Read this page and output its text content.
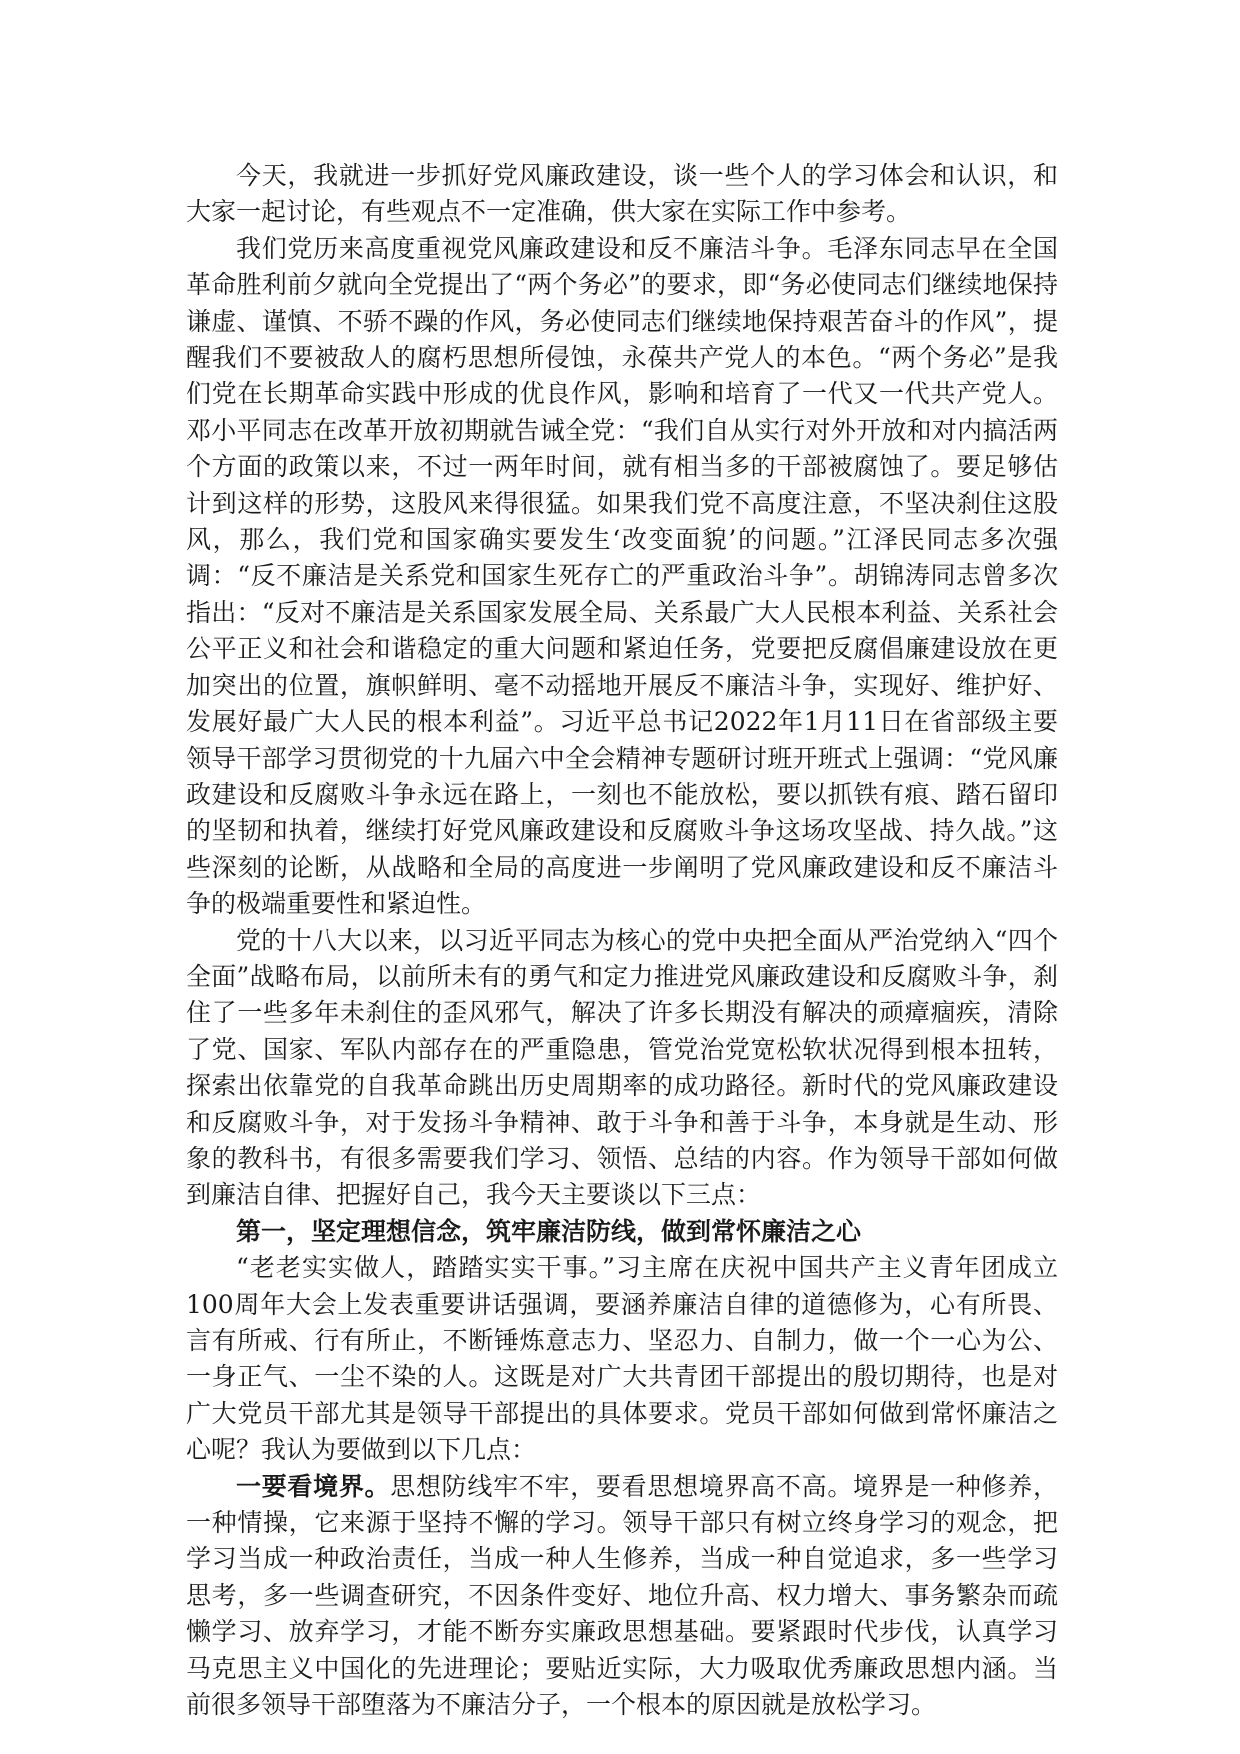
今天，我就进一步抓好党风廉政建设，谈一些个人的学习体会和认识，和大家一起讨论，有些观点不一定准确，供大家在实际工作中参考。

我们党历来高度重视党风廉政建设和反不廉洁斗争。毛泽东同志早在全国革命胜利前夕就向全党提出了“两个务必”的要求，即“务必使同志们继续地保持谦虚、谨慎、不骄不躁的作风，务必使同志们继续地保持艰苦奋斗的作风”，提醒我们不要被敌人的腐朽思想所侵蚀，永葆共产党人的本色。“两个务必”是我们党在长期革命实践中形成的优良作风，影响和培育了一代又一代共产党人。邓小平同志在改革开放初期就告诫全党：“我们自从实行对外开放和对内搞活两个方面的政策以来，不过一两年时间，就有相当多的干部被腐蚀了。要足够估计到这样的形势，这股风来得很猛。如果我们党不高度注意，不坚决刹住这股风，那么，我们党和国家确实要发生‘改变面貌’的问题。”江泽民同志多次强调：“反不廉洁是关系党和国家生死存亡的严重政治斗争”。胡锦涛同志曾多次指出：“反对不廉洁是关系国家发展全局、关系最广大人民根本利益、关系社会公平正义和社会和谐稳定的重大问题和紧迫任务，党要把反腐倡廉建设放在更加突出的位置，旗帜鲜明、毫不动摇地开展反不廉洁斗争，实现好、维护好、发展好最广大人民的根本利益”。习近平总书记2022年1月11日在省部级主要领导干部学习贯彻党的十九届六中全会精神专题研讨班开班式上强调：“党风廉政建设和反腐败斗争永远在路上，一刻也不能放松，要以抓铁有痕、踏石留印的坚韧和执着，继续打好党风廉政建设和反腐败斗争这场攻坚战、持久战。”这些深刻的论断，从战略和全局的高度进一步阐明了党风廉政建设和反不廉洁斗争的极端重要性和紧迫性。

党的十八大以来，以习近平同志为核心的党中央把全面从严治党纳入“四个全面”战略布局，以前所未有的勇气和定力推进党风廉政建设和反腐败斗争，刹住了一些多年未刹住的歪风邪气，解决了许多长期没有解决的顽瘴痼疾，清除了党、国家、军队内部存在的严重隐患，管党治党宽松软状况得到根本扭转，探索出依靠党的自我革命跳出历史周期率的成功路径。新时代的党风廉政建设和反腐败斗争，对于发扬斗争精神、敢于斗争和善于斗争，本身就是生动、形象的教科书，有很多需要我们学习、领悟、总结的内容。作为领导干部如何做到廉洁自律、把握好自己，我今天主要谈以下三点：

第一，坚定理想信念，筑牢廉洁防线，做到常怀廉洁之心

“老老实实做人，踏踏实实干事。”习主席在庆祝中国共产主义青年团成立100周年大会上发表重要讲话强调，要涵养廉洁自律的道德修为，心有所畏、言有所戒、行有所止，不断锤炼意志力、坚忍力、自制力，做一个一心为公、一身正气、一尘不染的人。这既是对广大共青团干部提出的殷切期待，也是对广大党员干部尤其是领导干部提出的具体要求。党员干部如何做到常怀廉洁之心呢？我认为要做到以下几点：

一要看境界。思想防线牢不牢，要看思想境界高不高。境界是一种修养，一种情操，它来源于坚持不懈的学习。领导干部只有树立终身学习的观念，把学习当成一种政治责任，当成一种人生修养，当成一种自觉追求，多一些学习思考，多一些调查研究，不因条件变好、地位升高、权力增大、事务繁杂而疏懒学习、放弃学习，才能不断夯实廉政思想基础。要紧跟时代步伐，认真学习马克思主义中国化的先进理论；要贴近实际，大力吸取优秀廉政思想内涵。当前很多领导干部堕落为不廉洁分子，一个根本的原因就是放松学习。
